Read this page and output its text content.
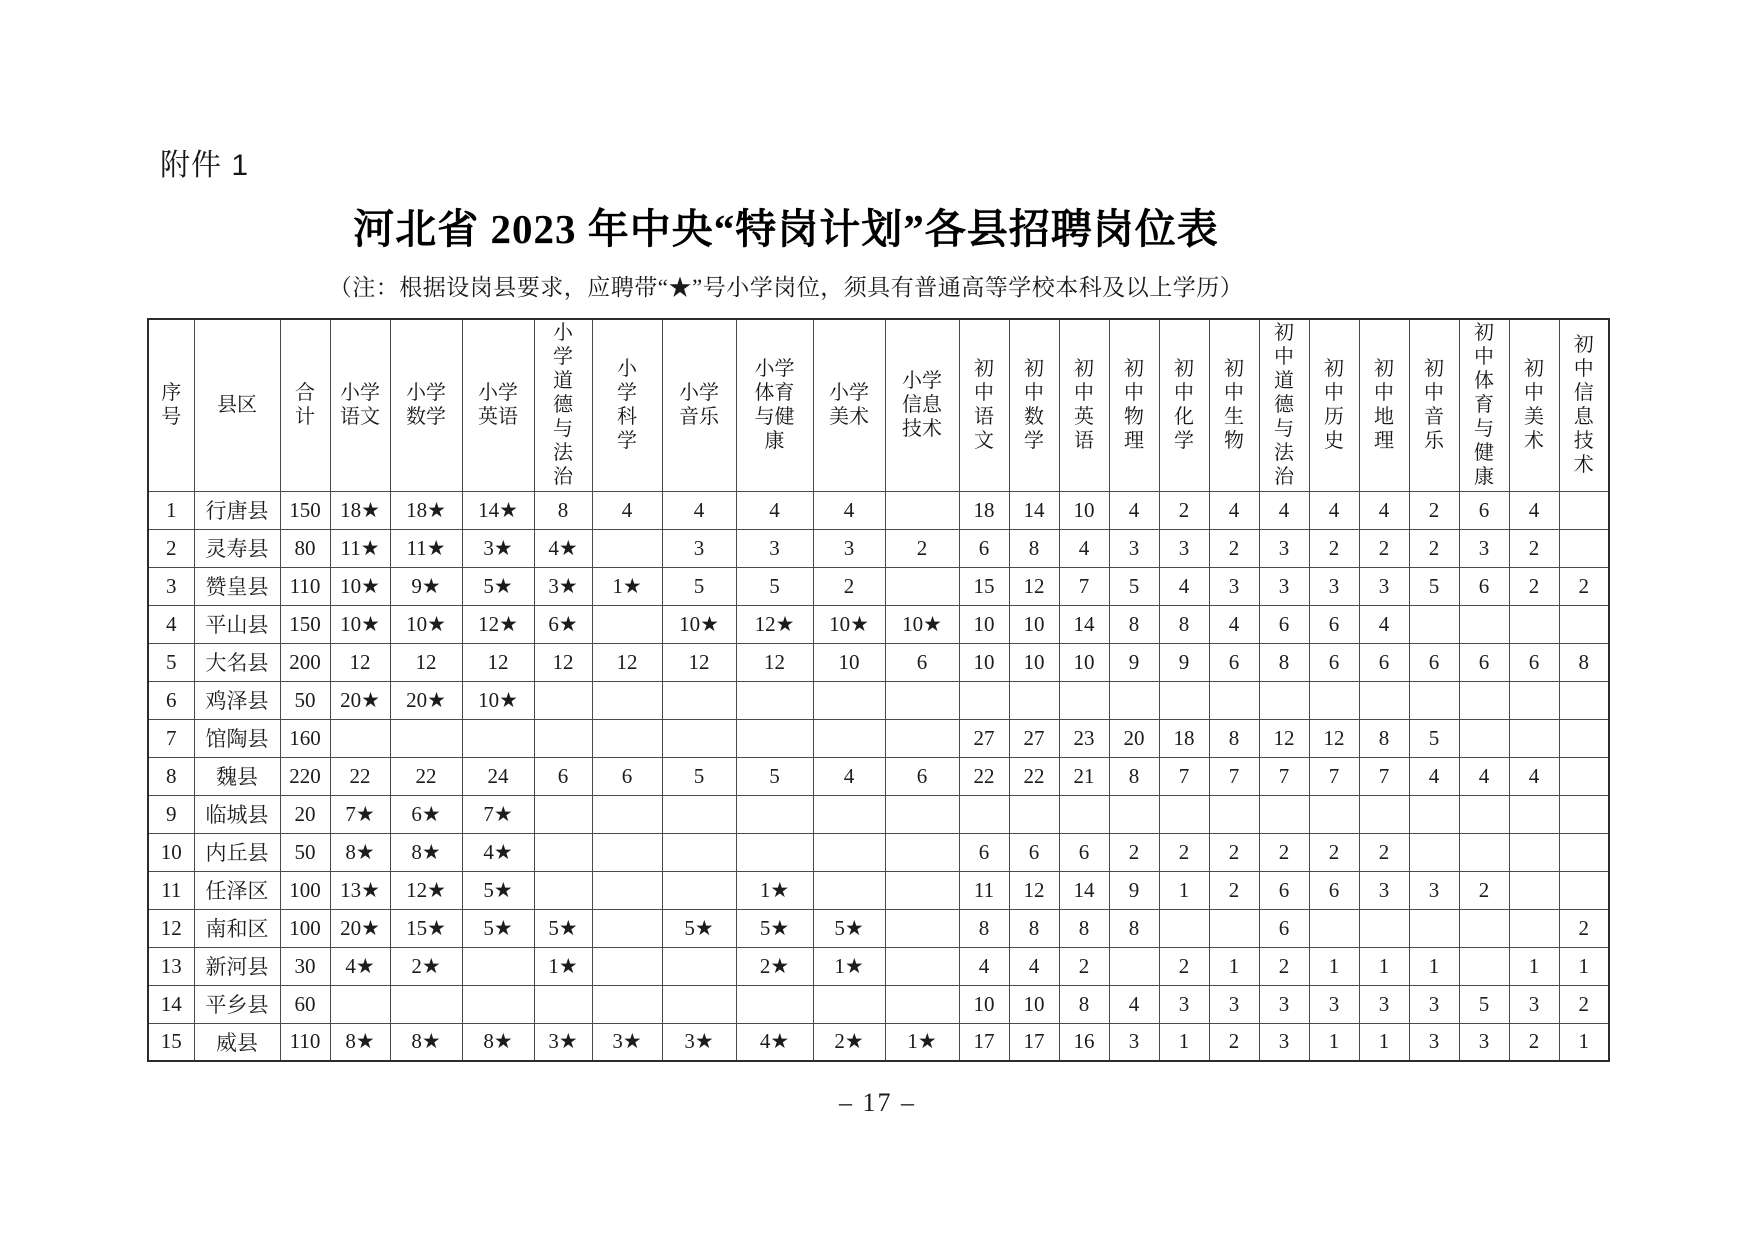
附件 1
河北省 2023 年中央“特岗计划”各县招聘岗位表
（注：根据设岗县要求，应聘带“★”号小学岗位，须具有普通高等学校本科及以上学历）
序号	县区	合计	小学语文	小学数学	小学英语	小学道德与法治	小学科学	小学音乐	小学体育与健康	小学美术	小学信息技术	初中语文	初中数学	初中英语	初中物理	初中化学	初中生物	初中道德与法治	初中历史	初中地理	初中音乐	初中体育与健康	初中美术	初中信息技术

1	行唐县	150	18★	18★	14★	8	4	4	4	4		18	14	10	4	2	4	4	4	4	2	6	4	
2	灵寿县	80	11★	11★	3★	4★		3	3	3	2	6	8	4	3	3	2	3	2	2	2	3	2	
3	赞皇县	110	10★	9★	5★	3★	1★	5	5	2		15	12	7	5	4	3	3	3	3	5	6	2	2
4	平山县	150	10★	10★	12★	6★		10★	12★	10★	10★	10	10	14	8	8	4	6	6	4				
5	大名县	200	12	12	12	12	12	12	12	10	6	10	10	10	9	9	6	8	6	6	6	6	6	8
6	鸡泽县	50	20★	20★	10★																			
7	馆陶县	160										27	27	23	20	18	8	12	12	8	5			
8	魏县	220	22	22	24	6	6	5	5	4	6	22	22	21	8	7	7	7	7	7	4	4	4	
9	临城县	20	7★	6★	7★																			
10	内丘县	50	8★	8★	4★							6	6	6	2	2	2	2	2	2				
11	任泽区	100	13★	12★	5★				1★			11	12	14	9	1	2	6	6	3	3	2		
12	南和区	100	20★	15★	5★	5★		5★	5★	5★		8	8	8	8			6						2
13	新河县	30	4★	2★		1★			2★	1★		4	4	2		2	1	2	1	1	1		1	1
14	平乡县	60										10	10	8	4	3	3	3	3	3	3	5	3	2
15	威县	110	8★	8★	8★	3★	3★	3★	4★	2★	1★	17	17	16	3	1	2	3	1	1	3	3	2	1
– 17 –
